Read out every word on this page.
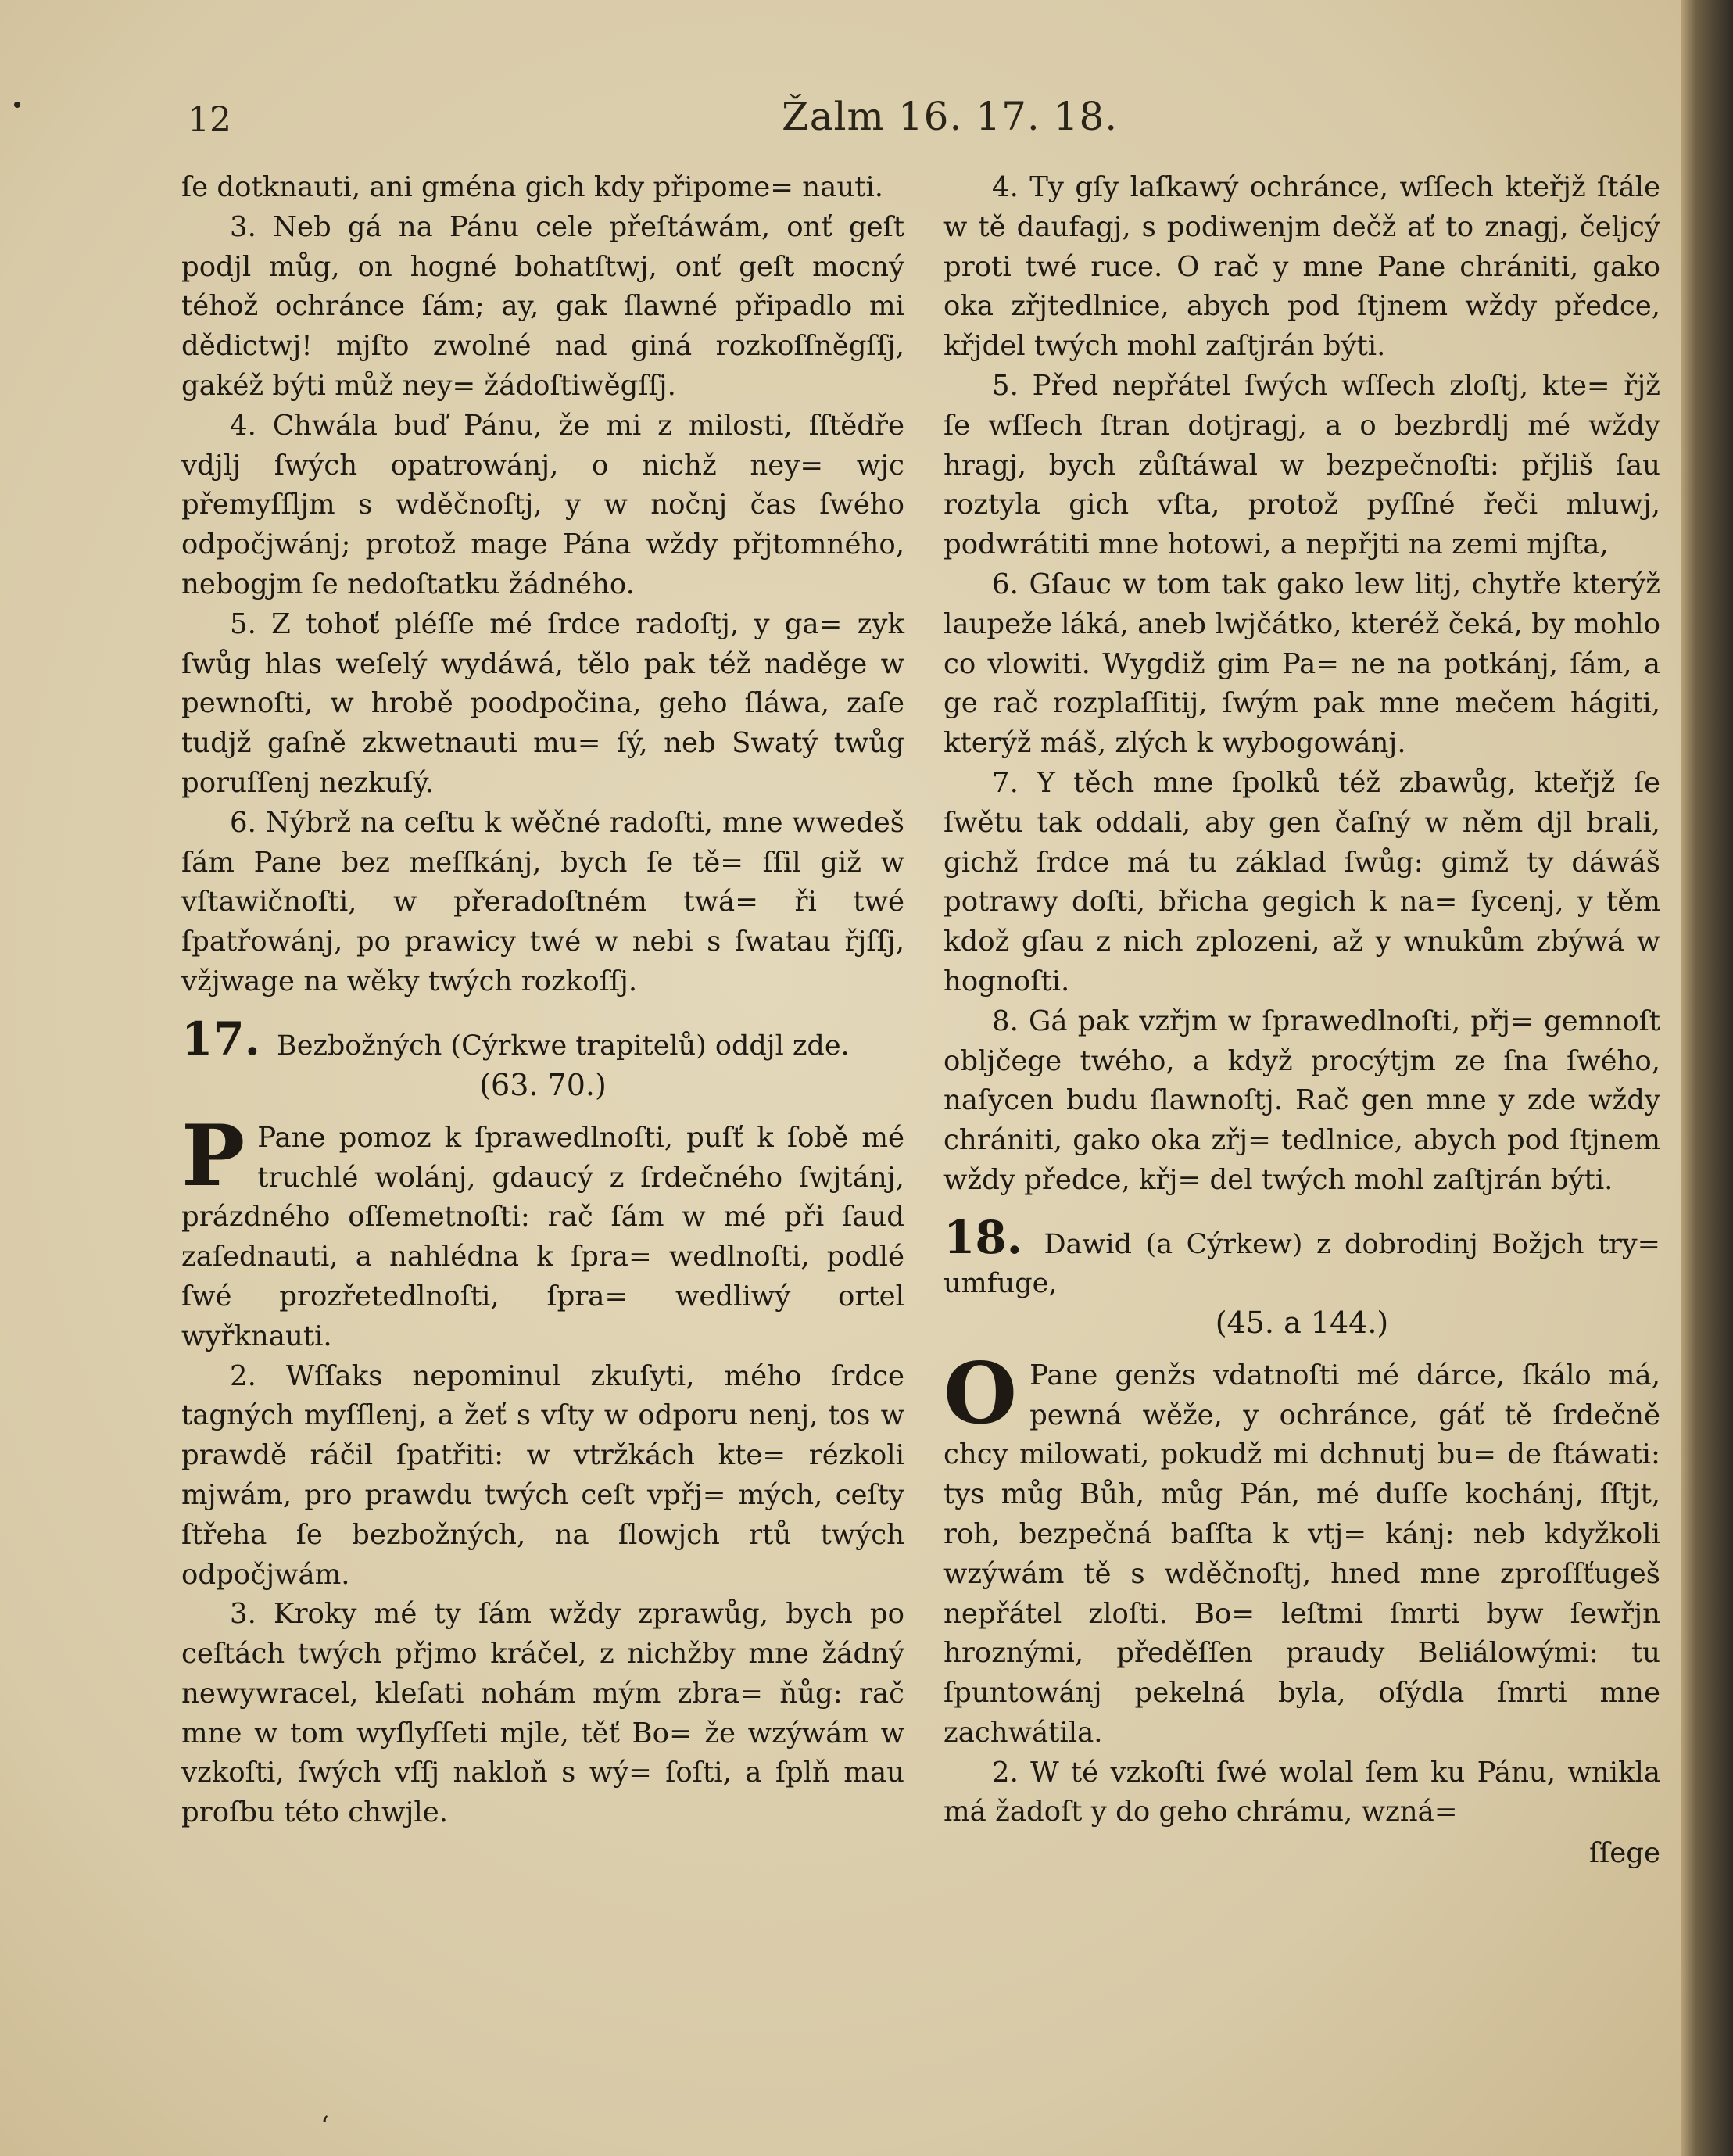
12	Žalm 16. 17. 18.

ſe dotknauti, ani gména gich kdy připome= nauti.

3. Neb gá na Pánu cele přeſtáwám, onť geſt podjl můg, on hogné bohatſtwj, onť geſt mocný téhož ochránce ſám; ay, gak ſlawné připadlo mi dědictwj! mjſto zwolné nad giná rozkoſſněgſſj, gakéž býti můž ney= žádoſtiwěgſſj.

4. Chwála buď Pánu, že mi z milosti, ſſtědře vdjlj ſwých opatrowánj, o nichž ney= wjc přemyſſljm s wděčnoſtj, y w nočnj čas ſwého odpočjwánj; protož mage Pána wždy přjtomného, nebogjm ſe nedoſtatku žádného.

5. Z tohoť pléſſe mé ſrdce radoſtj, y ga= zyk ſwůg hlas weſelý wydáwá, tělo pak též naděge w pewnoſti, w hrobě poodpočina, geho ſláwa, zaſe tudjž gaſně zkwetnauti mu= ſý, neb Swatý twůg poruſſenj nezkuſý.

6. Nýbrž na ceſtu k wěčné radoſti, mne wwedeš ſám Pane bez meſſkánj, bych ſe tě= ſſil giž w vſtawičnoſti, w přeradoſtném twá= ři twé ſpatřowánj, po prawicy twé w nebi s ſwatau řjſſj, vžjwage na wěky twých rozkoſſj.

17. Bezbožných (Cýrkwe trapitelů) oddjl zde.
(63. 70.)

P Pane pomoz k ſprawedlnoſti, puſť k ſobě mé truchlé wolánj, gdaucý z ſrdečného ſwjtánj, prázdného oſſemetnoſti: rač ſám w mé při ſaud zaſednauti, a nahlédna k ſpra= wedlnoſti, podlé ſwé prozřetedlnoſti, ſpra= wedliwý ortel wyřknauti.

2. Wſſaks nepominul zkuſyti, mého ſrdce tagných myſſlenj, a žeť s vſty w odporu nenj, tos w prawdě ráčil ſpatřiti: w vtržkách kte= rézkoli mjwám, pro prawdu twých ceſt vpřj= mých, ceſty ſtřeha ſe bezbožných, na ſlowjch rtů twých odpočjwám.

3. Kroky mé ty ſám wždy zprawůg, bych po ceſtách twých přjmo kráčel, z nichžby mne žádný newywracel, kleſati nohám mým zbra= ňůg: rač mne w tom wyſlyſſeti mjle, těť Bo= že wzýwám w vzkoſti, ſwých vſſj nakloň s wý= ſoſti, a ſplň mau proſbu této chwjle.

4. Ty gſy laſkawý ochránce, wſſech kteřjž ſtále w tě daufagj, s podiwenjm dečž ať to znagj, čeljcý proti twé ruce. O rač y mne Pane chrániti, gako oka zřjtedlnice, abych pod ſtjnem wždy předce, křjdel twých mohl zaſtjrán býti.

5. Před nepřátel ſwých wſſech zloſtj, kte= řjž ſe wſſech ſtran dotjragj, a o bezbrdlj mé wždy hragj, bych zůſtáwal w bezpečnoſti: přjliš ſau roztyla gich vſta, protož pyſſné řeči mluwj, podwrátiti mne hotowi, a nepřjti na zemi mjſta,

6. Gſauc w tom tak gako lew litj, chytře kterýž laupeže láká, aneb lwjčátko, kteréž čeká, by mohlo co vlowiti. Wygdiž gim Pa= ne na potkánj, ſám, a ge rač rozplaſſitij, ſwým pak mne mečem hágiti, kterýž máš, zlých k wybogowánj.

7. Y těch mne ſpolků též zbawůg, kteřjž ſe ſwětu tak oddali, aby gen čaſný w něm djl brali, gichž ſrdce má tu základ ſwůg: gimž ty dáwáš potrawy doſti, břicha gegich k na= ſycenj, y těm kdož gſau z nich zplozeni, až y wnukům zbýwá w hognoſti.

8. Gá pak vzřjm w ſprawedlnoſti, přj= gemnoſt obljčege twého, a když procýtjm ze ſna ſwého, naſycen budu ſlawnoſtj. Rač gen mne y zde wždy chrániti, gako oka zřj= tedlnice, abych pod ſtjnem wždy předce, křj= del twých mohl zaſtjrán býti.

18. Dawid (a Cýrkew) z dobrodinj Božjch try= umfuge,
(45. a 144.)

O Pane genžs vdatnoſti mé dárce, ſkálo má, pewná wěže, y ochránce, gáť tě ſrdečně chcy milowati, pokudž mi dchnutj bu= de ſtáwati: tys můg Bůh, můg Pán, mé duſſe kochánj, ſſtjt, roh, bezpečná baſſta k vtj= kánj: neb kdyžkoli wzýwám tě s wděčnoſtj, hned mne zproſſťugeš nepřátel zloſti. Bo= leſtmi ſmrti byw ſewřjn hroznými, předěſſen praudy Beliálowými: tu ſpuntowánj pekelná byla, oſýdla ſmrti mne zachwátila.

2. W té vzkoſti ſwé wolal ſem ku Pánu, wnikla má žadoſt y do geho chrámu, wzná=

ſſege
ʻ
